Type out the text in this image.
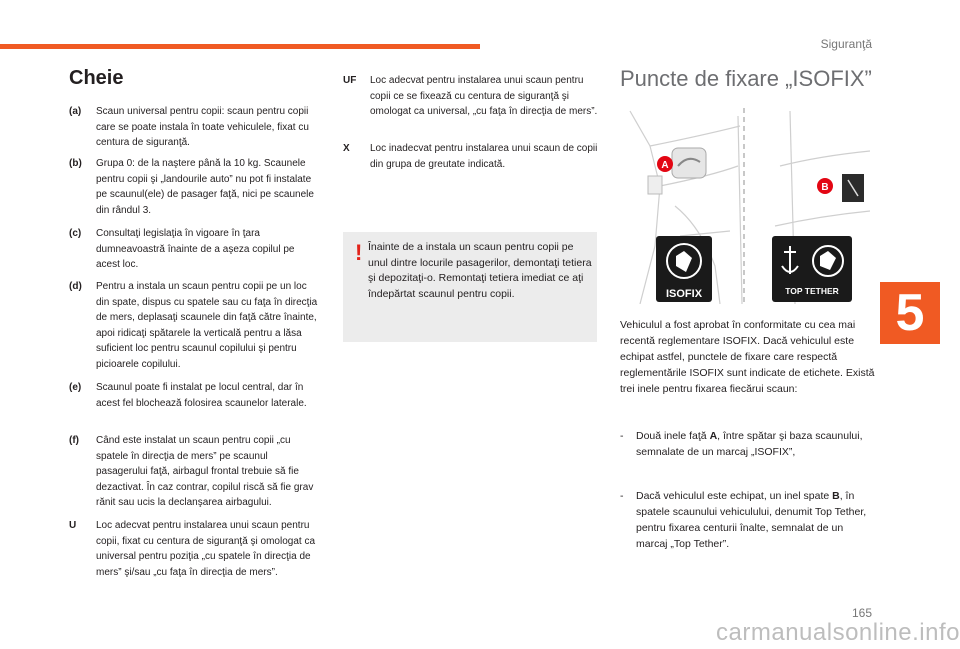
Siguranţă
5
165
carmanualsonline.info
Cheie
(a) Scaun universal pentru copii: scaun pentru copii care se poate instala în toate vehiculele, fixat cu centura de siguranţă.
(b) Grupa 0: de la naştere până la 10 kg. Scaunele pentru copii şi „landourile auto” nu pot fi instalate pe scaunul(ele) de pasager faţă, nici pe scaunele din rândul 3.
(c) Consultaţi legislaţia în vigoare în ţara dumneavoastră înainte de a aşeza copilul pe acest loc.
(d) Pentru a instala un scaun pentru copii pe un loc din spate, dispus cu spatele sau cu faţa în direcţia de mers, deplasaţi scaunele din faţă către înainte, apoi ridicaţi spătarele la verticală pentru a lăsa suficient loc pentru scaunul copilului şi pentru picioarele copilului.
(e) Scaunul poate fi instalat pe locul central, dar în acest fel blochează folosirea scaunelor laterale.
(f) Când este instalat un scaun pentru copii „cu spatele în direcţia de mers” pe scaunul pasagerului faţă, airbagul frontal trebuie să fie dezactivat. În caz contrar, copilul riscă să fie grav rănit sau ucis la declanşarea airbagului.
U Loc adecvat pentru instalarea unui scaun pentru copii, fixat cu centura de siguranţă şi omologat ca universal pentru poziţia „cu spatele în direcţia de mers” şi/sau „cu faţa în direcţia de mers”.
UF Loc adecvat pentru instalarea unui scaun pentru copii ce se fixează cu centura de siguranţă şi omologat ca universal, „cu faţa în direcţia de mers”.
X Loc inadecvat pentru instalarea unui scaun de copii din grupa de greutate indicată.
! Înainte de a instala un scaun pentru copii pe unul dintre locurile pasagerilor, demontaţi tetiera şi depozitaţi-o. Remontaţi tetiera imediat ce aţi îndepărtat scaunul pentru copii.
Puncte de fixare „ISOFIX”
A
B
ISOFIX	TOP TETHER
Vehiculul a fost aprobat în conformitate cu cea mai recentă reglementare ISOFIX. Dacă vehiculul este echipat astfel, punctele de fixare care respectă reglementările ISOFIX sunt indicate de etichete. Există trei inele pentru fixarea fiecărui scaun:
- Două inele faţă A, între spătar şi baza scaunului, semnalate de un marcaj „ISOFIX”,
- Dacă vehiculul este echipat, un inel spate B, în spatele scaunului vehiculului, denumit Top Tether, pentru fixarea centurii înalte, semnalat de un marcaj „Top Tether”.
